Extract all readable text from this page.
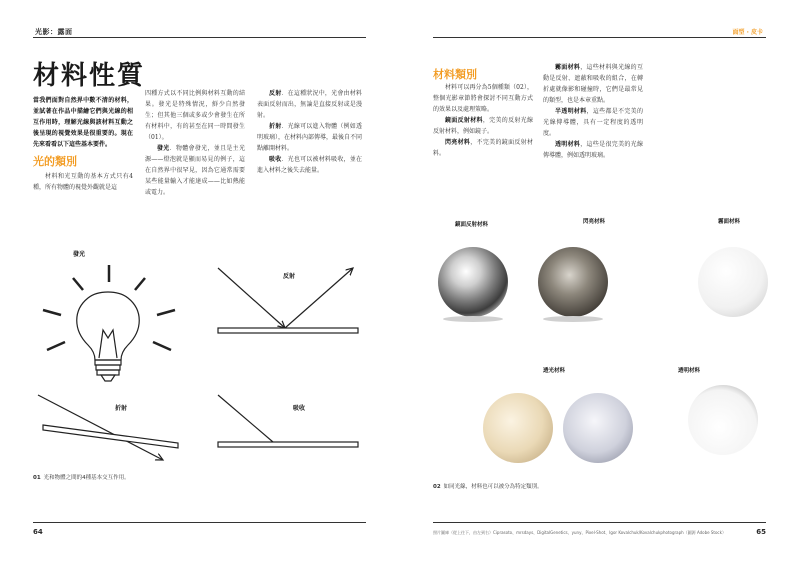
光影：露面	面型 · 皮卡
材料性質

當我們面對自然界中數不清的材料，並試著在作品中描繪它們與光線的相互作用時，理解光線與該材料互動之後呈現的視覺效果是很重要的。現在先來看看以下這些基本要件。

光的類別

材料和光互動的基本方式只有4種，所有物體的視覺外觀就是這

四種方式以不同比例與材料互動的結果。發光是特殊情況，鮮少自然發生；但其他三個或多或少會發生在所有材料中，有的甚至在同一時間發生（01）。

發光．物體會發光，並且是主光源——燈泡就是顯而易見的例子，這在自然界中很罕見，因為它通常需要某些能量輸入才能達成——比如熱能或電力。

反射．在這種狀況中，光會由材料表面反射而出，無論是直接反射或是漫射。

折射．光線可以進入物體（例如透明玻璃），在材料內部傳導，最後自不同點離開材料。

吸收．光也可以被材料吸收，並在進入材料之後失去能量。

發光
反射
折射	吸收
01 光和物體之間的4種基本交互作用。
64
材料類別

材料可以再分為5個種類（02），整個光影章節將會探討不同互動方式的效果以及處理策略。

鏡面反射材料，完美的反射光線反射材料，例如鏡子。

閃亮材料，不完美的鏡面反射材料。

霧面材料，這些材料與光線的互動是反射、遮蔽和吸收的組合，在轉折處就像影和碰撞時，它們是最常見的類型，也是本章重點。

半透明材料，這些都是不完美的光線傳導體，具有一定程度的透明度。

透明材料，這些是很完美的光線傳導體，例如透明玻璃。

鏡面反射材料	閃亮材料	霧面材料
透光材料	透明材料
02 如同光線，材料也可以被分為特定類別。
照片圖庫（從上往下，由左到右）Ciprasoto、mrsdays、DigitalGenetics、yuny、Pixel-Shot、Igor Kovalchuk/Kovalchukphotograph（圖源 Adobe Stock）	65
